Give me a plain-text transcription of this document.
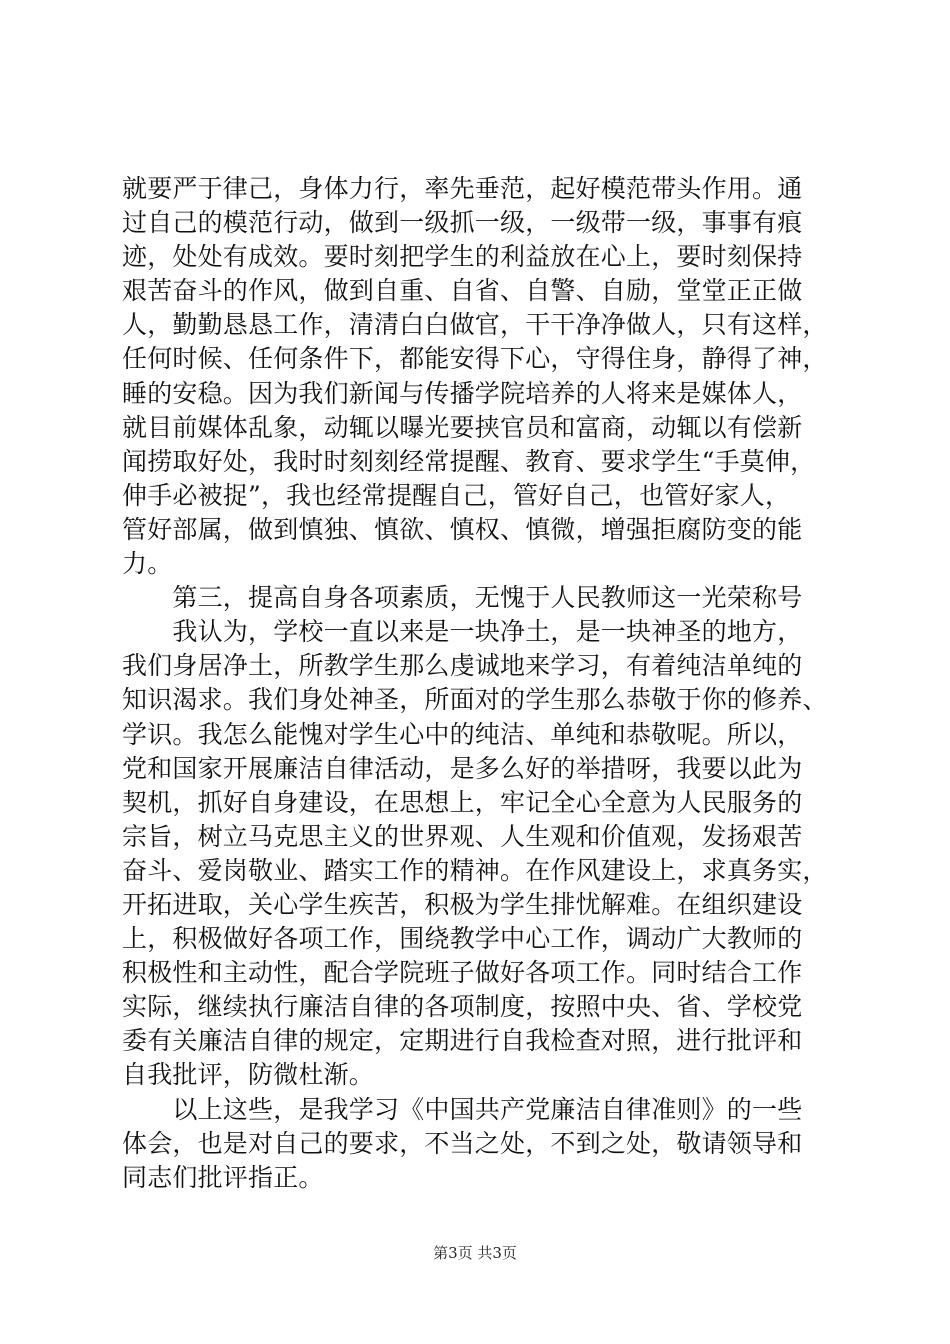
就要严于律己，身体力行，率先垂范，起好模范带头作用。通
过自己的模范行动，做到一级抓一级，一级带一级，事事有痕
迹，处处有成效。要时刻把学生的利益放在心上，要时刻保持
艰苦奋斗的作风，做到自重、自省、自警、自励，堂堂正正做
人，勤勤恳恳工作，清清白白做官，干干净净做人，只有这样，
任何时候、任何条件下，都能安得下心，守得住身，静得了神，
睡的安稳。因为我们新闻与传播学院培养的人将来是媒体人，
就目前媒体乱象，动辄以曝光要挟官员和富商，动辄以有偿新
闻捞取好处，我时时刻刻经常提醒、教育、要求学生“手莫伸，
伸手必被捉”，我也经常提醒自己，管好自己，也管好家人，
管好部属，做到慎独、慎欲、慎权、慎微，增强拒腐防变的能
力。
　　第三，提高自身各项素质，无愧于人民教师这一光荣称号
　　我认为，学校一直以来是一块净土，是一块神圣的地方，
我们身居净土，所教学生那么虔诚地来学习，有着纯洁单纯的
知识渴求。我们身处神圣，所面对的学生那么恭敬于你的修养、
学识。我怎么能愧对学生心中的纯洁、单纯和恭敬呢。所以，
党和国家开展廉洁自律活动，是多么好的举措呀，我要以此为
契机，抓好自身建设，在思想上，牢记全心全意为人民服务的
宗旨，树立马克思主义的世界观、人生观和价值观，发扬艰苦
奋斗、爱岗敬业、踏实工作的精神。在作风建设上，求真务实，
开拓进取，关心学生疾苦，积极为学生排忧解难。在组织建设
上，积极做好各项工作，围绕教学中心工作，调动广大教师的
积极性和主动性，配合学院班子做好各项工作。同时结合工作
实际，继续执行廉洁自律的各项制度，按照中央、省、学校党
委有关廉洁自律的规定，定期进行自我检查对照，进行批评和
自我批评，防微杜渐。
　　以上这些，是我学习《中国共产党廉洁自律准则》的一些
体会，也是对自己的要求，不当之处，不到之处，敬请领导和
同志们批评指正。
第3页 共3页
